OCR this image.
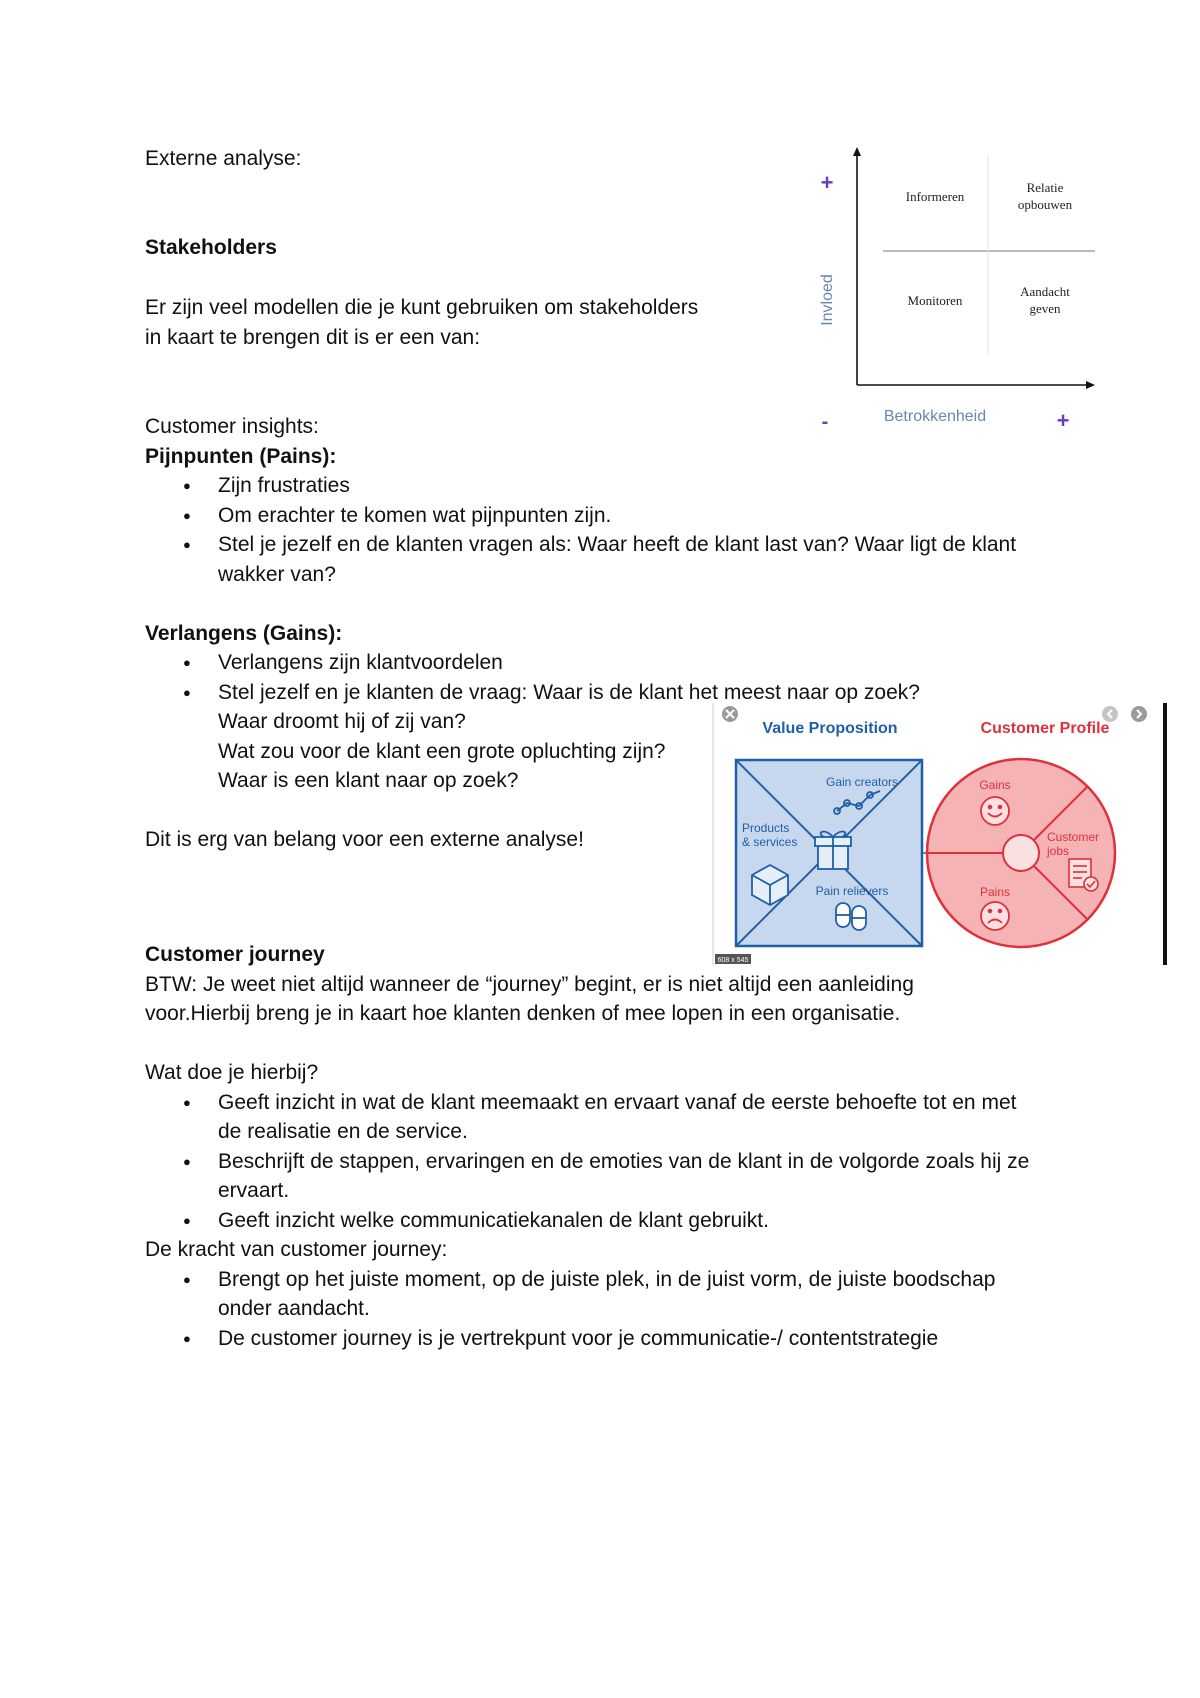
Externe analyse:
Stakeholders
Er zijn veel modellen die je kunt gebruiken om stakeholders
in kaart te brengen dit is er een van:
+
-	+
Invloed
Betrokkenheid
Informeren
Relatie
opbouwen
Monitoren
Aandacht
geven
Customer insights:
Pijnpunten (Pains):
● Zijn frustraties
● Om erachter te komen wat pijnpunten zijn.
● Stel je jezelf en de klanten vragen als: Waar heeft de klant last van? Waar ligt de klant wakker van?
Verlangens (Gains):
● Verlangens zijn klantvoordelen
● Stel jezelf en je klanten de vraag: Waar is de klant het meest naar op zoek?
Waar droomt hij of zij van?
Wat zou voor de klant een grote opluchting zijn?
Waar is een klant naar op zoek?
Dit is erg van belang voor een externe analyse!
Value Proposition	Customer Profile
Gain creators
Products
& services
Pain relievers
Gains
Customer
jobs
Pains
608 x 545
Customer journey
BTW: Je weet niet altijd wanneer de “journey” begint, er is niet altijd een aanleiding voor.Hierbij breng je in kaart hoe klanten denken of mee lopen in een organisatie.
Wat doe je hierbij?
● Geeft inzicht in wat de klant meemaakt en ervaart vanaf de eerste behoefte tot en met de realisatie en de service.
● Beschrijft de stappen, ervaringen en de emoties van de klant in de volgorde zoals hij ze ervaart.
● Geeft inzicht welke communicatiekanalen de klant gebruikt.
De kracht van customer journey:
● Brengt op het juiste moment, op de juiste plek, in de juist vorm, de juiste boodschap onder aandacht.
● De customer journey is je vertrekpunt voor je communicatie-/ contentstrategie
